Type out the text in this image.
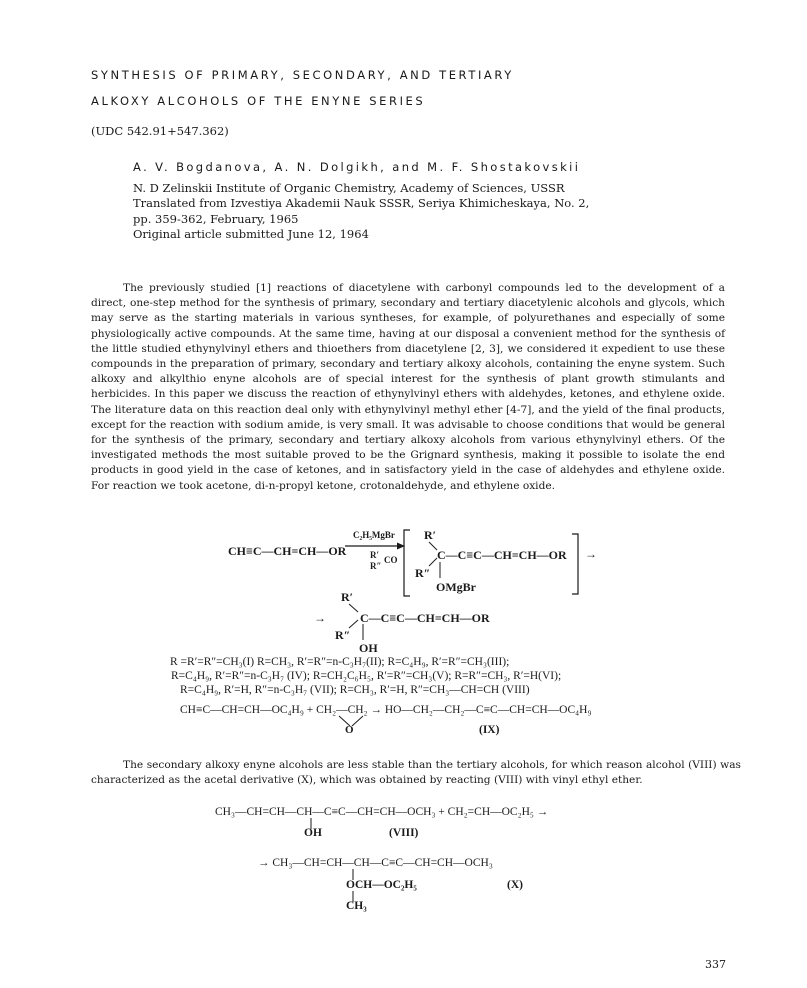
SYNTHESIS OF PRIMARY, SECONDARY, AND TERTIARY
ALKOXY ALCOHOLS OF THE ENYNE SERIES
(UDC 542.91+547.362)
A. V. Bogdanova, A. N. Dolgikh, and M. F. Shostakovskii
N. D Zelinskii Institute of Organic Chemistry, Academy of Sciences, USSR
Translated from Izvestiya Akademii Nauk SSSR, Seriya Khimicheskaya, No. 2,
pp. 359-362, February, 1965
Original article submitted June 12, 1964

The previously studied [1] reactions of diacetylene with carbonyl compounds led to the development of a direct, one-step method for the synthesis of primary, secondary and tertiary diacetylenic alcohols and glycols, which may serve as the starting materials in various syntheses, for example, of polyurethanes and especially of some physiologically active compounds. At the same time, having at our disposal a convenient method for the synthesis of the little studied ethynylvinyl ethers and thioethers from diacetylene [2, 3], we considered it expedient to use these compounds in the preparation of primary, secondary and tertiary alkoxy alcohols, containing the enyne system. Such alkoxy and alkylthio enyne alcohols are of special interest for the synthesis of plant growth stimulants and herbicides. In this paper we discuss the reaction of ethynylvinyl ethers with aldehydes, ketones, and ethylene oxide. The literature data on this reaction deal only with ethynylvinyl methyl ether [4-7], and the yield of the final products, except for the reaction with sodium amide, is very small. It was advisable to choose conditions that would be general for the synthesis of the primary, secondary and tertiary alkoxy alcohols from various ethynylvinyl ethers. Of the investigated methods the most suitable proved to be the Grignard synthesis, making it possible to isolate the end products in good yield in the case of ketones, and in satisfactory yield in the case of aldehydes and ethylene oxide. For reaction we took acetone, di-n-propyl ketone, crotonaldehyde, and ethylene oxide.

CH≡C—CH=CH—OR
C₂H₅MgBr
R′
R″
CO
R′
C—C≡C—CH=CH—OR
R″
OMgBr
→
R′
→	C—C≡C—CH=CH—OR
R″
OH
R =R′=R″=CH₃(I) R=CH₃, R′=R″=n-C₃H₇(II); R=C₄H₉, R′=R″=CH₃(III);
R=C₄H₉, R′=R″=n-C₃H₇ (IV); R=CH₂C₆H₅, R′=R″=CH₃(V); R=R″=CH₃, R′=H(VI);
R=C₄H₉, R′=H, R″=n-C₃H₇ (VII); R=CH₃, R′=H, R″=CH₃—CH=CH (VIII)
CH≡C—CH=CH—OC₄H₉ + CH₂—CH₂ → HO—CH₂—CH₂—C≡C—CH=CH—OC₄H₉
O	(IX)

The secondary alkoxy enyne alcohols are less stable than the tertiary alcohols, for which reason alcohol (VIII) was characterized as the acetal derivative (X), which was obtained by reacting (VIII) with vinyl ethyl ether.

CH₃—CH=CH—CH—C≡C—CH=CH—OCH₃ + CH₂=CH—OC₂H₅ →
OH	(VIII)
→ CH₃—CH=CH—CH—C≡C—CH=CH—OCH₃
OCH—OC₂H₅	(X)
CH₃
337
